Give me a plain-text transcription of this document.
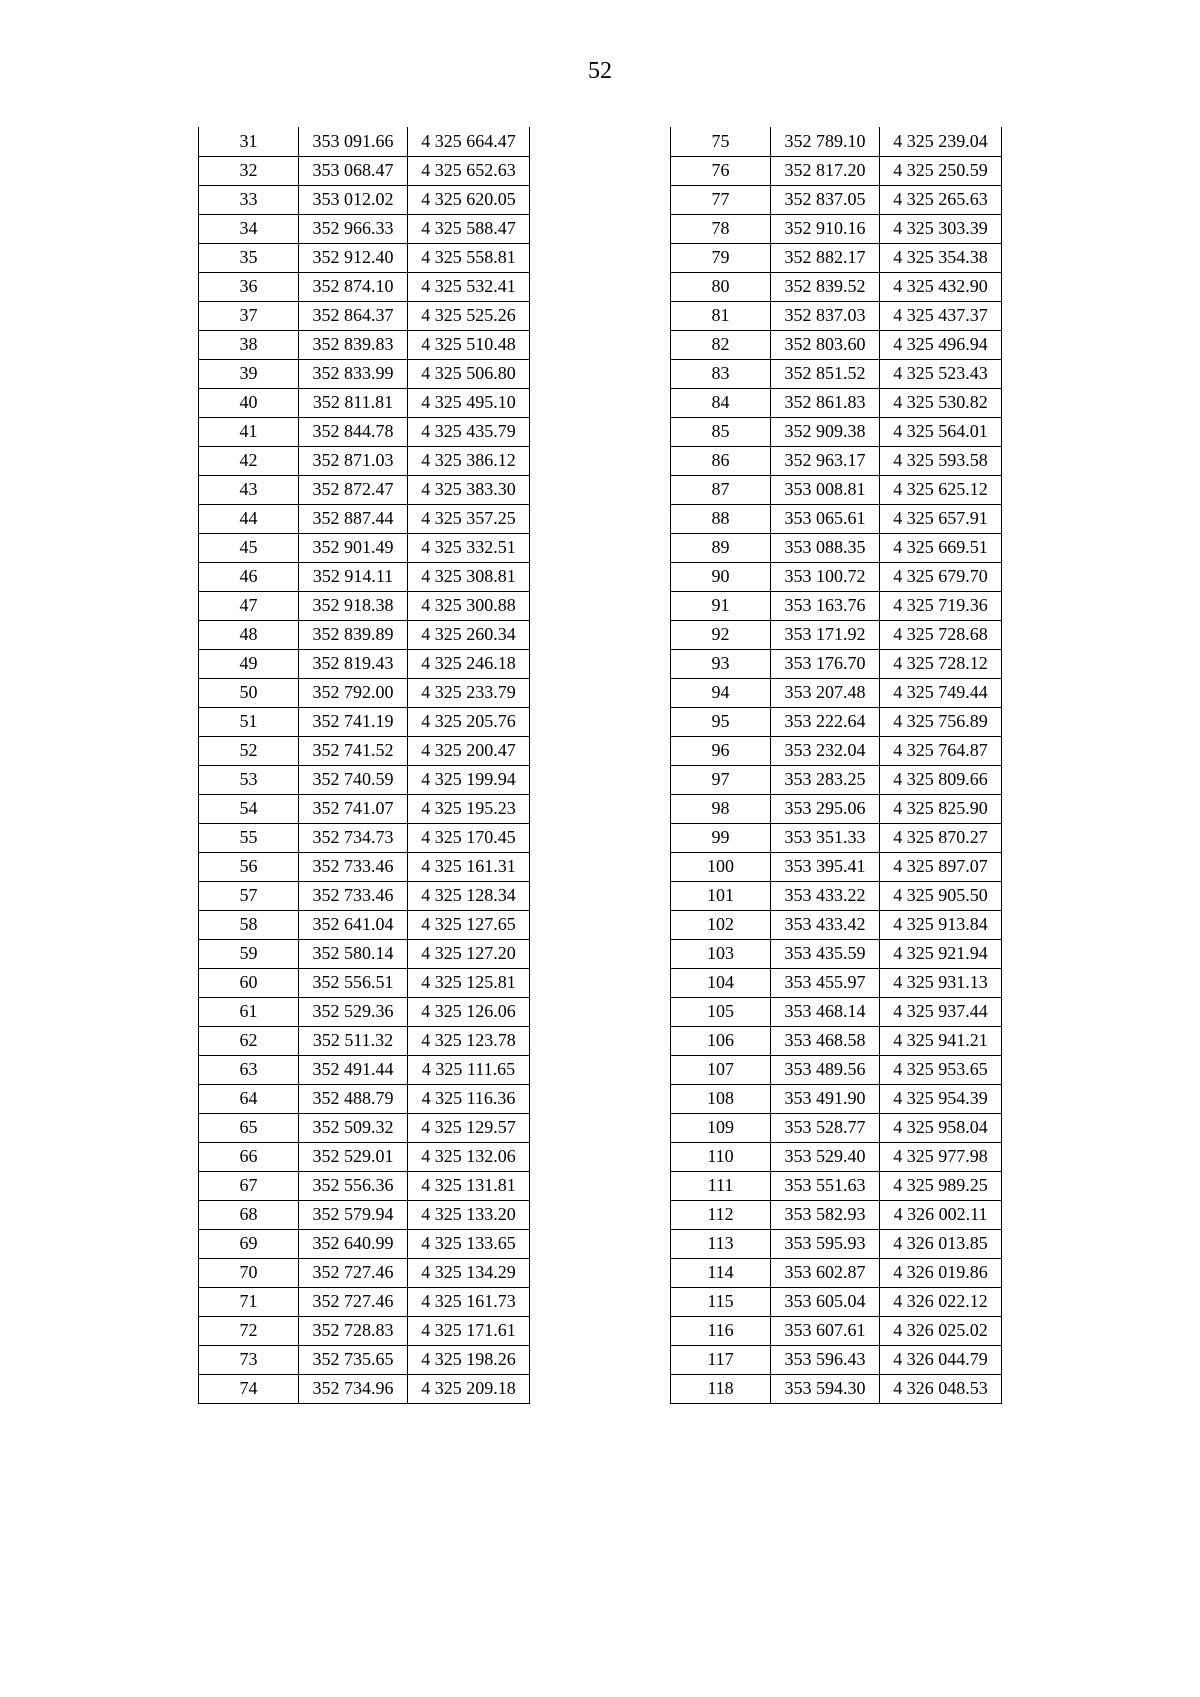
52
31	353 091.66	4 325 664.47
32	353 068.47	4 325 652.63
33	353 012.02	4 325 620.05
34	352 966.33	4 325 588.47
35	352 912.40	4 325 558.81
36	352 874.10	4 325 532.41
37	352 864.37	4 325 525.26
38	352 839.83	4 325 510.48
39	352 833.99	4 325 506.80
40	352 811.81	4 325 495.10
41	352 844.78	4 325 435.79
42	352 871.03	4 325 386.12
43	352 872.47	4 325 383.30
44	352 887.44	4 325 357.25
45	352 901.49	4 325 332.51
46	352 914.11	4 325 308.81
47	352 918.38	4 325 300.88
48	352 839.89	4 325 260.34
49	352 819.43	4 325 246.18
50	352 792.00	4 325 233.79
51	352 741.19	4 325 205.76
52	352 741.52	4 325 200.47
53	352 740.59	4 325 199.94
54	352 741.07	4 325 195.23
55	352 734.73	4 325 170.45
56	352 733.46	4 325 161.31
57	352 733.46	4 325 128.34
58	352 641.04	4 325 127.65
59	352 580.14	4 325 127.20
60	352 556.51	4 325 125.81
61	352 529.36	4 325 126.06
62	352 511.32	4 325 123.78
63	352 491.44	4 325 111.65
64	352 488.79	4 325 116.36
65	352 509.32	4 325 129.57
66	352 529.01	4 325 132.06
67	352 556.36	4 325 131.81
68	352 579.94	4 325 133.20
69	352 640.99	4 325 133.65
70	352 727.46	4 325 134.29
71	352 727.46	4 325 161.73
72	352 728.83	4 325 171.61
73	352 735.65	4 325 198.26
74	352 734.96	4 325 209.18
75	352 789.10	4 325 239.04
76	352 817.20	4 325 250.59
77	352 837.05	4 325 265.63
78	352 910.16	4 325 303.39
79	352 882.17	4 325 354.38
80	352 839.52	4 325 432.90
81	352 837.03	4 325 437.37
82	352 803.60	4 325 496.94
83	352 851.52	4 325 523.43
84	352 861.83	4 325 530.82
85	352 909.38	4 325 564.01
86	352 963.17	4 325 593.58
87	353 008.81	4 325 625.12
88	353 065.61	4 325 657.91
89	353 088.35	4 325 669.51
90	353 100.72	4 325 679.70
91	353 163.76	4 325 719.36
92	353 171.92	4 325 728.68
93	353 176.70	4 325 728.12
94	353 207.48	4 325 749.44
95	353 222.64	4 325 756.89
96	353 232.04	4 325 764.87
97	353 283.25	4 325 809.66
98	353 295.06	4 325 825.90
99	353 351.33	4 325 870.27
100	353 395.41	4 325 897.07
101	353 433.22	4 325 905.50
102	353 433.42	4 325 913.84
103	353 435.59	4 325 921.94
104	353 455.97	4 325 931.13
105	353 468.14	4 325 937.44
106	353 468.58	4 325 941.21
107	353 489.56	4 325 953.65
108	353 491.90	4 325 954.39
109	353 528.77	4 325 958.04
110	353 529.40	4 325 977.98
111	353 551.63	4 325 989.25
112	353 582.93	4 326 002.11
113	353 595.93	4 326 013.85
114	353 602.87	4 326 019.86
115	353 605.04	4 326 022.12
116	353 607.61	4 326 025.02
117	353 596.43	4 326 044.79
118	353 594.30	4 326 048.53
